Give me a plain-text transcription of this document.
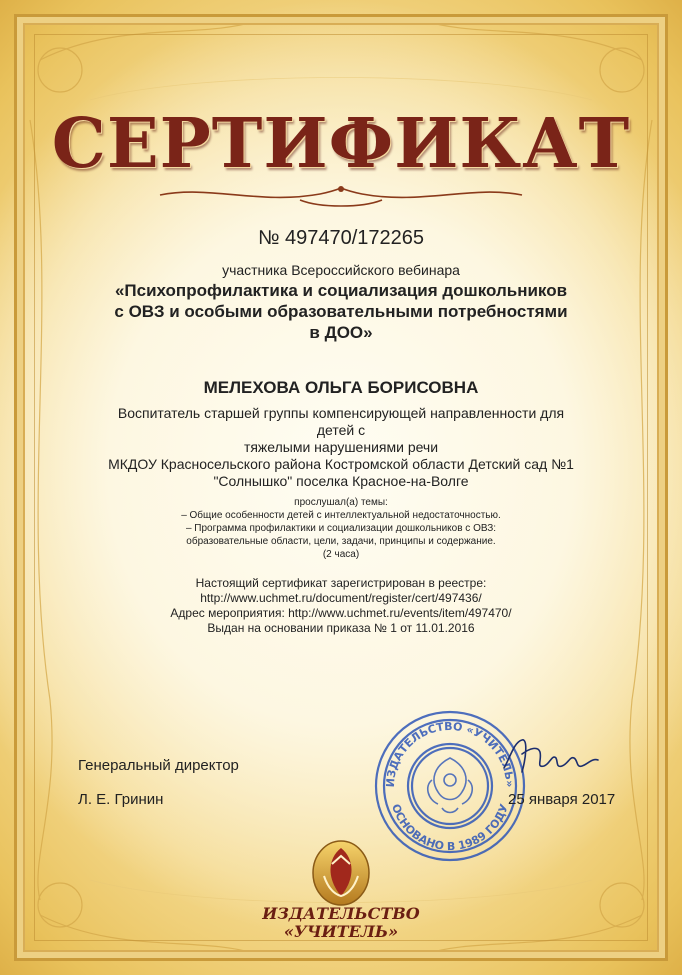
СЕРТИФИКАТ
№ 497470/172265
участника Всероссийского вебинара
«Психопрофилактика и социализация дошкольников
с ОВЗ и особыми образовательными потребностями
в ДОО»
МЕЛЕХОВА ОЛЬГА БОРИСОВНА
Воспитатель старшей группы компенсирующей направленности для детей с
тяжелыми нарушениями речи
МКДОУ Красносельского района Костромской области Детский сад №1
"Солнышко" поселка Красное-на-Волге
прослушал(а) темы:
– Общие особенности детей с интеллектуальной недостаточностью.
– Программа профилактики и социализации дошкольников с ОВЗ:
образовательные области, цели, задачи, принципы и содержание.
(2 часа)
Настоящий сертификат зарегистрирован в реестре:
http://www.uchmet.ru/document/register/cert/497436/
Адрес мероприятия: http://www.uchmet.ru/events/item/497470/
Выдан на основании приказа № 1 от 11.01.2016
Генеральный директор
Л. Е. Гринин
ИЗДАТЕЛЬСТВО «УЧИТЕЛЬ»
ОСНОВАНО В 1989 ГОДУ
25 января 2017
ИЗДАТЕЛЬСТВО
«УЧИТЕЛЬ»
